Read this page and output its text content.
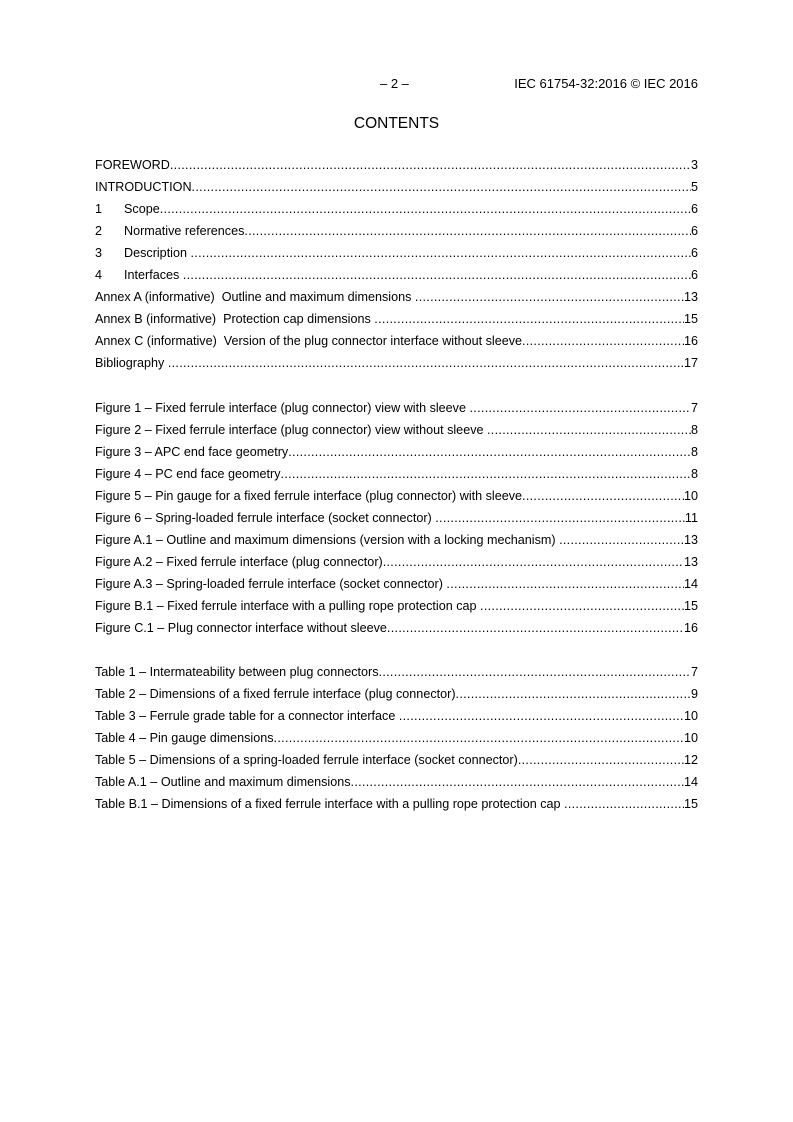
– 2 –	IEC 61754-32:2016 © IEC 2016
CONTENTS
FOREWORD .....	3
INTRODUCTION .....	5
1	Scope .....	6
2	Normative references .....	6
3	Description .....	6
4	Interfaces .....	6
Annex A (informative)  Outline and maximum dimensions .....	13
Annex B (informative)  Protection cap dimensions .....	15
Annex C (informative)  Version of the plug connector interface without sleeve .....	16
Bibliography .....	17
Figure 1 – Fixed ferrule interface (plug connector) view with sleeve .....	7
Figure 2 – Fixed ferrule interface (plug connector) view without sleeve .....	8
Figure 3 – APC end face geometry .....	8
Figure 4 – PC end face geometry .....	8
Figure 5 – Pin gauge for a fixed ferrule interface (plug connector) with sleeve .....	10
Figure 6 – Spring-loaded ferrule interface (socket connector) .....	11
Figure A.1 – Outline and maximum dimensions (version with a locking mechanism) .....	13
Figure A.2 – Fixed ferrule interface (plug connector) .....	13
Figure A.3 – Spring-loaded ferrule interface (socket connector) .....	14
Figure B.1 – Fixed ferrule interface with a pulling rope protection cap .....	15
Figure C.1 – Plug connector interface without sleeve .....	16
Table 1 – Intermateability between plug connectors .....	7
Table 2 – Dimensions of a fixed ferrule interface (plug connector) .....	9
Table 3 – Ferrule grade table for a connector interface .....	10
Table 4 – Pin gauge dimensions .....	10
Table 5 – Dimensions of a spring-loaded ferrule interface (socket connector) .....	12
Table A.1 – Outline and maximum dimensions .....	14
Table B.1 – Dimensions of a fixed ferrule interface with a pulling rope protection cap .....	15
